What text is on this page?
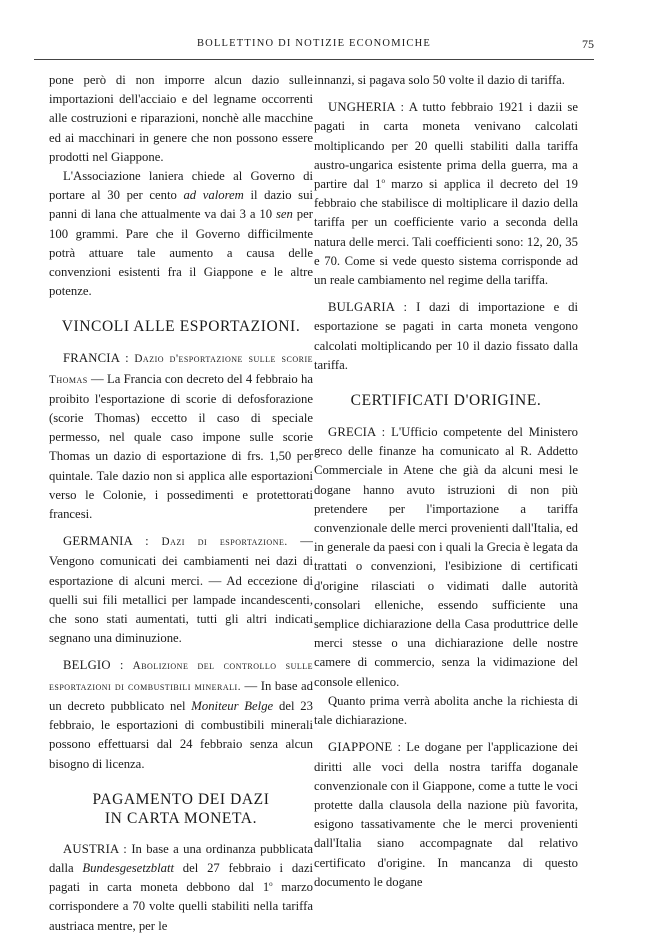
BOLLETTINO DI NOTIZIE ECONOMICHE	75

pone però di non imporre alcun dazio sulle importazioni dell'acciaio e del legname occorrenti alle costruzioni e riparazioni, nonchè alle macchine ed ai macchinari in genere che non possono essere prodotti nel Giappone.

L'Associazione laniera chiede al Governo di portare al 30 per cento ad valorem il dazio sui panni di lana che attualmente va dai 3 a 10 sen per 100 grammi. Pare che il Governo difficilmente potrà attuare tale aumento a causa delle convenzioni esistenti fra il Giappone e le altre potenze.

VINCOLI ALLE ESPORTAZIONI.

FRANCIA : Dazio d'esportazione sulle scorie Thomas — La Francia con decreto del 4 febbraio ha proibito l'esportazione di scorie di defosforazione (scorie Thomas) eccetto il caso di speciale permesso, nel quale caso impone sulle scorie Thomas un dazio di esportazione di frs. 1,50 per quintale. Tale dazio non si applica alle esportazioni verso le Colonie, i possedimenti e protettorati francesi.

GERMANIA : Dazi di esportazione. — Vengono comunicati dei cambiamenti nei dazi di esportazione di alcuni merci. — Ad eccezione di quelli sui fili metallici per lampade incandescenti, che sono stati aumentati, tutti gli altri indicati segnano una diminuzione.

BELGIO : Abolizione del controllo sulle esportazioni di combustibili minerali. — In base ad un decreto pubblicato nel Moniteur Belge del 23 febbraio, le esportazioni di combustibili minerali possono effettuarsi dal 24 febbraio senza alcun bisogno di licenza.

PAGAMENTO DEI DAZI
IN CARTA MONETA.

AUSTRIA : In base a una ordinanza pubblicata dalla Bundesgesetzblatt del 27 febbraio i dazi pagati in carta moneta debbono dal 1$^o$ marzo corrispondere a 70 volte quelli stabiliti nella tariffa austriaca mentre, per le

innanzi, si pagava solo 50 volte il dazio di tariffa.

UNGHERIA : A tutto febbraio 1921 i dazii se pagati in carta moneta venivano calcolati moltiplicando per 20 quelli stabiliti dalla tariffa austro-ungarica esistente prima della guerra, ma a partire dal 1$^o$ marzo si applica il decreto del 19 febbraio che stabilisce di moltiplicare il dazio della tariffa per un coefficiente vario a seconda della natura delle merci. Tali coefficienti sono: 12, 20, 35 e 70. Come si vede questo sistema corrisponde ad un reale cambiamento nel regime della tariffa.

BULGARIA : I dazi di importazione e di esportazione se pagati in carta moneta vengono calcolati moltiplicando per 10 il dazio fissato dalla tariffa.

CERTIFICATI D'ORIGINE.

GRECIA : L'Ufficio competente del Ministero greco delle finanze ha comunicato al R. Addetto Commerciale in Atene che già da alcuni mesi le dogane hanno avuto istruzioni di non più pretendere per l'importazione a tariffa convenzionale delle merci provenienti dall'Italia, ed in generale da paesi con i quali la Grecia è legata da trattati o convenzioni, l'esibizione di certificati d'origine rilasciati o vidimati dalle autorità consolari elleniche, essendo sufficiente una semplice dichiarazione della Casa produttrice delle merci stesse o una dichiarazione delle nostre camere di commercio, senza la vidimazione del console ellenico.

Quanto prima verrà abolita anche la richiesta di tale dichiarazione.

GIAPPONE : Le dogane per l'applicazione dei diritti alle voci della nostra tariffa doganale convenzionale con il Giappone, come a tutte le voci protette dalla clausola della nazione più favorita, esigono tassativamente che le merci provenienti dall'Italia siano accompagnate dal relativo certificato d'origine. In mancanza di questo documento le dogane
